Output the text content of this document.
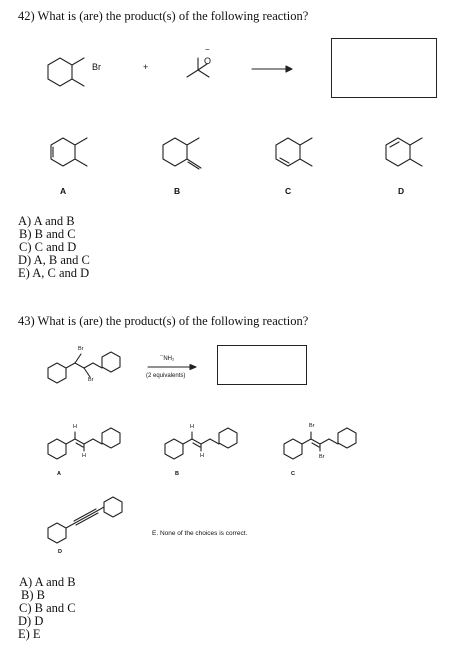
42) What is (are) the product(s) of the following reaction?
Br	+
O
−
A	B	C	D
A) A and B
B) B and C
C) C and D
D) A, B and C
E) A, C and D
43) What is (are) the product(s) of the following reaction?
Br
Br
¯NH₂
(2 equivalents)
H
H
A
H
H
B
Br
Br
C
D
E. None of the choices is correct.
A) A and B
B) B
C) B and C
D) D
E) E
